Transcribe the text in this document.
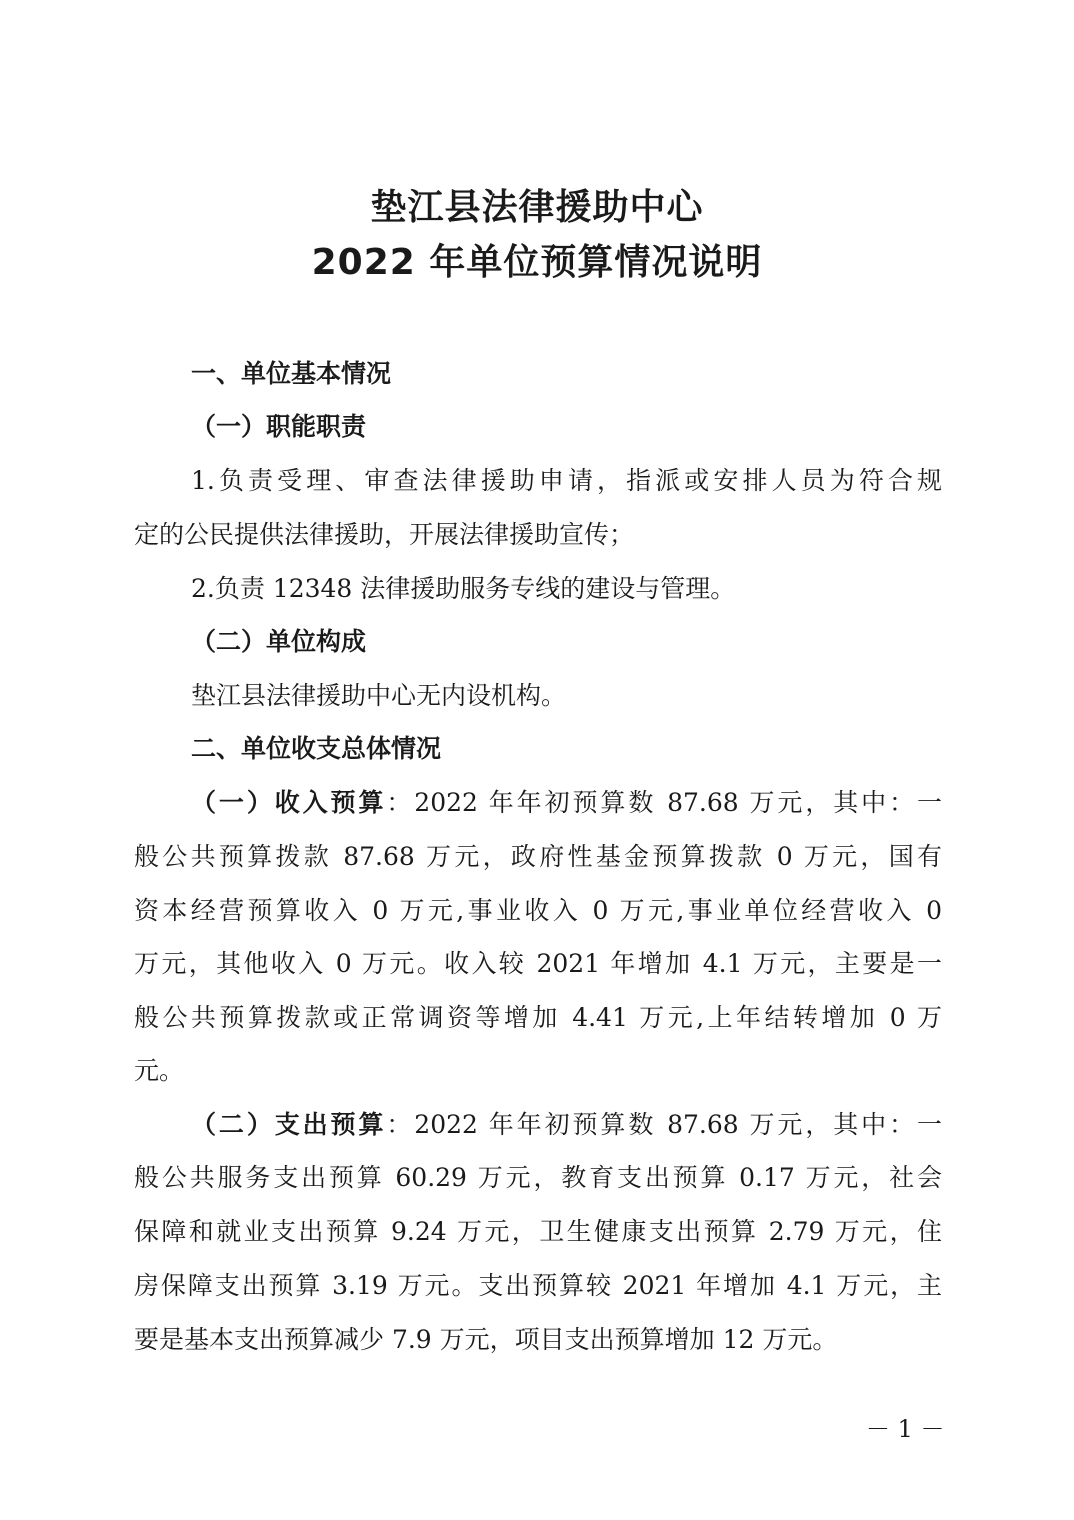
垫江县法律援助中心
2022 年单位预算情况说明
一、单位基本情况
（一）职能职责
1.负责受理、审查法律援助申请，指派或安排人员为符合规
定的公民提供法律援助，开展法律援助宣传；
2.负责 12348 法律援助服务专线的建设与管理。
（二）单位构成
垫江县法律援助中心无内设机构。
二、单位收支总体情况
（一）收入预算：2022 年年初预算数 87.68 万元，其中：一
般公共预算拨款 87.68 万元，政府性基金预算拨款 0 万元，国有
资本经营预算收入 0 万元,事业收入 0 万元,事业单位经营收入 0
万元，其他收入 0 万元。收入较 2021 年增加 4.1 万元，主要是一
般公共预算拨款或正常调资等增加 4.41 万元,上年结转增加 0 万
元。
（二）支出预算：2022 年年初预算数 87.68 万元，其中：一
般公共服务支出预算 60.29 万元，教育支出预算 0.17 万元，社会
保障和就业支出预算 9.24 万元，卫生健康支出预算 2.79 万元，住
房保障支出预算 3.19 万元。支出预算较 2021 年增加 4.1 万元，主
要是基本支出预算减少 7.9 万元，项目支出预算增加 12 万元。
－ 1 －
